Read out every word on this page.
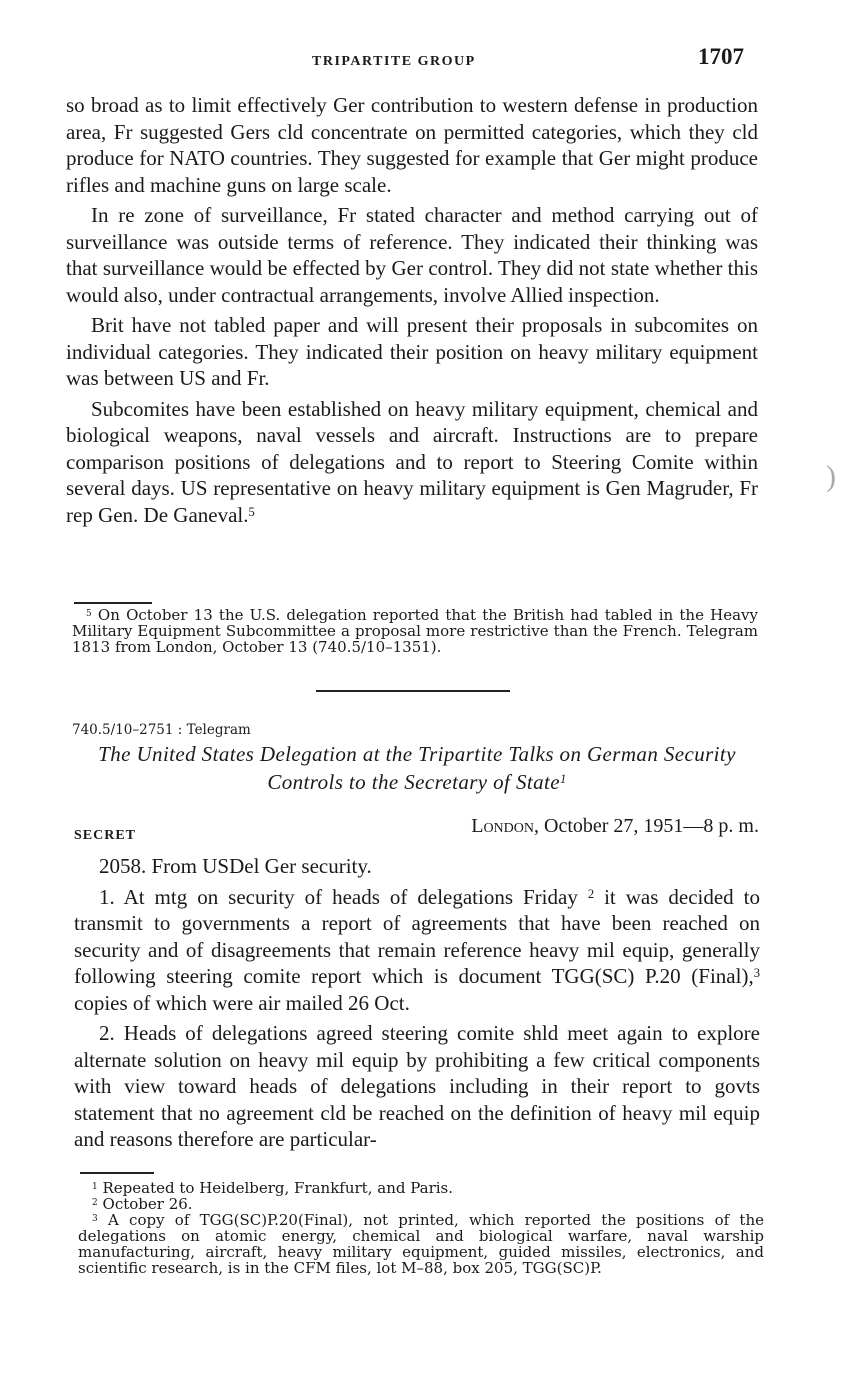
TRIPARTITE GROUP	1707

so broad as to limit effectively Ger contribution to western defense in production area, Fr suggested Gers cld concentrate on permitted categories, which they cld produce for NATO countries. They suggested for example that Ger might produce rifles and machine guns on large scale.

In re zone of surveillance, Fr stated character and method carrying out of surveillance was outside terms of reference. They indicated their thinking was that surveillance would be effected by Ger control. They did not state whether this would also, under contractual arrangements, involve Allied inspection.

Brit have not tabled paper and will present their proposals in subcomites on individual categories. They indicated their position on heavy military equipment was between US and Fr.

Subcomites have been established on heavy military equipment, chemical and biological weapons, naval vessels and aircraft. Instructions are to prepare comparison positions of delegations and to report to Steering Comite within several days. US representative on heavy military equipment is Gen Magruder, Fr rep Gen. De Ganeval.$^5$

)

$^5$ On October 13 the U.S. delegation reported that the British had tabled in the Heavy Military Equipment Subcommittee a proposal more restrictive than the French. Telegram 1813 from London, October 13 (740.5/10–1351).

740.5/10–2751 : Telegram
The United States Delegation at the Tripartite Talks on German Security Controls to the Secretary of State$^1$
SECRET	London, October 27, 1951—8 p. m.

2058. From USDel Ger security.

1. At mtg on security of heads of delegations Friday $^2$ it was decided to transmit to governments a report of agreements that have been reached on security and of disagreements that remain reference heavy mil equip, generally following steering comite report which is document TGG(SC) P.20 (Final),$^3$ copies of which were air mailed 26 Oct.

2. Heads of delegations agreed steering comite shld meet again to explore alternate solution on heavy mil equip by prohibiting a few critical components with view toward heads of delegations including in their report to govts statement that no agreement cld be reached on the definition of heavy mil equip and reasons therefore are particular-

$^1$ Repeated to Heidelberg, Frankfurt, and Paris.

$^2$ October 26.

$^3$ A copy of TGG(SC)P.20(Final), not printed, which reported the positions of the delegations on atomic energy, chemical and biological warfare, naval warship manufacturing, aircraft, heavy military equipment, guided missiles, electronics, and scientific research, is in the CFM files, lot M–88, box 205, TGG(SC)P.
